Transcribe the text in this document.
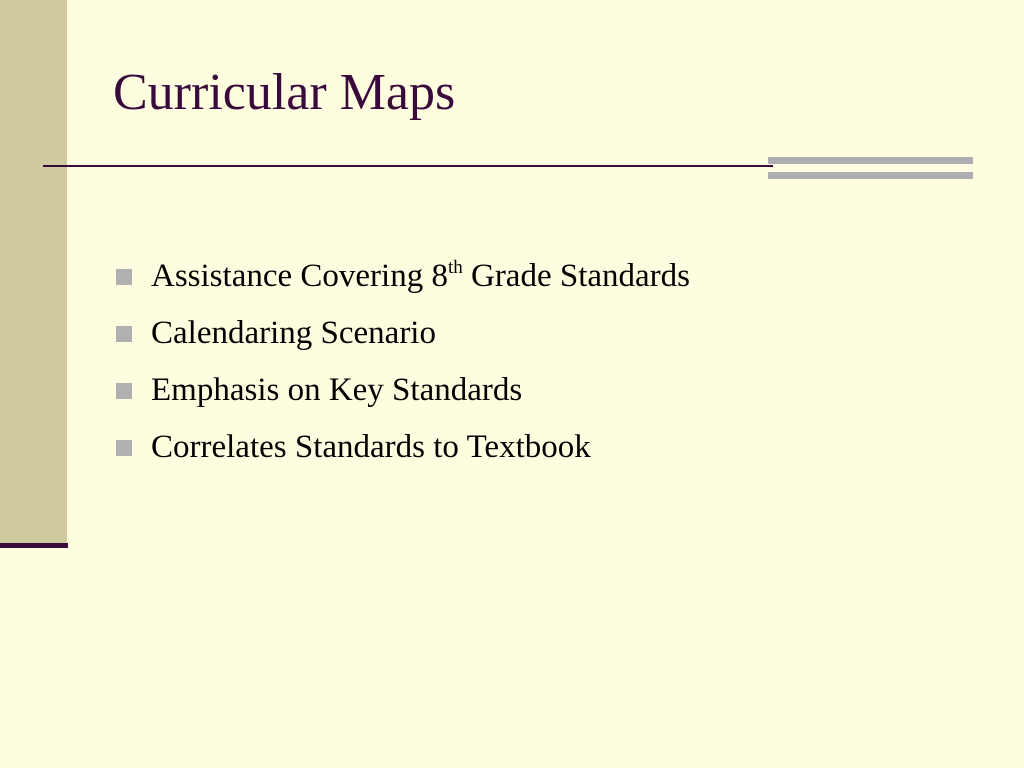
Curricular Maps
Assistance Covering 8th Grade Standards
Calendaring Scenario
Emphasis on Key Standards
Correlates Standards to Textbook
